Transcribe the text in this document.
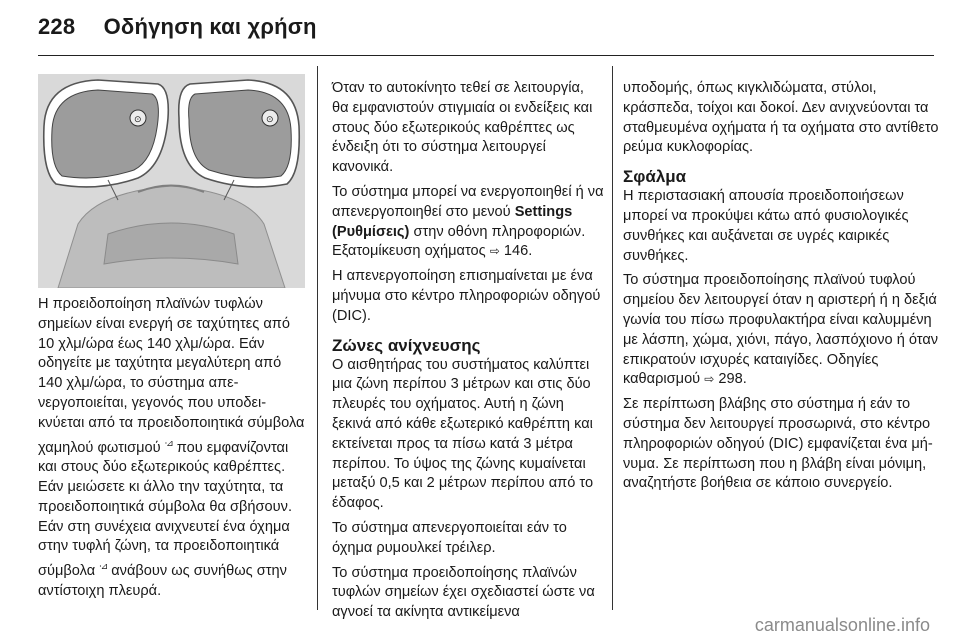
228 Οδήγηση και χρήση
⊙	⊙

Η προειδοποίηση πλαϊνών τυφλών σημείων είναι ενεργή σε ταχύτητες από 10 χλμ/ώρα έως 140 χλμ/ώρα. Εάν οδηγείτε με ταχύτητα μεγαλύτερη από 140 χλμ/ώρα, το σύστημα απενεργοποιείται, γεγονός που υποδεικνύεται από τα προειδοποιητικά σύμβολα χαμηλού φωτισμού ⸱⊿ που εμφανίζονται και στους δύο εξωτερικούς καθρέπτες. Εάν μειώσετε κι άλλο την ταχύτητα, τα προειδοποιητικά σύμβολα θα σβήσουν. Εάν στη συνέχεια ανιχνευτεί ένα όχημα στην τυφλή ζώνη, τα προειδοποιητικά σύμβολα ⸱⊿ ανάβουν ως συνήθως στην αντίστοιχη πλευρά.

Όταν το αυτοκίνητο τεθεί σε λειτουργία, θα εμφανιστούν στιγμιαία οι ενδείξεις και στους δύο εξωτερικούς καθρέπτες ως ένδειξη ότι το σύστημα λειτουργεί κανονικά.

Το σύστημα μπορεί να ενεργοποιηθεί ή να απενεργοποιηθεί στο μενού Settings (Ρυθμίσεις) στην οθόνη πληροφοριών. Εξατομίκευση οχήματος ⇨ 146.

Η απενεργοποίηση επισημαίνεται με ένα μήνυμα στο κέντρο πληροφοριών οδηγού (DIC).

Ζώνες ανίχνευσης

Ο αισθητήρας του συστήματος καλύπτει μια ζώνη περίπου 3 μέτρων και στις δύο πλευρές του οχήματος. Αυτή η ζώνη ξεκινά από κάθε εξωτερικό καθρέπτη και εκτείνεται προς τα πίσω κατά 3 μέτρα περίπου. Το ύψος της ζώνης κυμαίνεται μεταξύ 0,5 και 2 μέτρων περίπου από το έδαφος.

Το σύστημα απενεργοποιείται εάν το όχημα ρυμουλκεί τρέιλερ.

Το σύστημα προειδοποίησης πλαϊνών τυφλών σημείων έχει σχεδιαστεί ώστε να αγνοεί τα ακίνητα αντικείμενα

υποδομής, όπως κιγκλιδώματα, στύλοι, κράσπεδα, τοίχοι και δοκοί. Δεν ανιχνεύονται τα σταθμευμένα οχήματα ή τα οχήματα στο αντίθετο ρεύμα κυκλοφορίας.

Σφάλμα

Η περιστασιακή απουσία προειδοποιήσεων μπορεί να προκύψει κάτω από φυσιολογικές συνθήκες και αυξάνεται σε υγρές καιρικές συνθήκες.

Το σύστημα προειδοποίησης πλαϊνού τυφλού σημείου δεν λειτουργεί όταν η αριστερή ή η δεξιά γωνία του πίσω προφυλακτήρα είναι καλυμμένη με λάσπη, χώμα, χιόνι, πάγο, λασπόχιονο ή όταν επικρατούν ισχυρές καταιγίδες. Οδηγίες καθαρισμού ⇨ 298.

Σε περίπτωση βλάβης στο σύστημα ή εάν το σύστημα δεν λειτουργεί προσωρινά, στο κέντρο πληροφοριών οδηγού (DIC) εμφανίζεται ένα μήνυμα. Σε περίπτωση που η βλάβη είναι μόνιμη, αναζητήστε βοήθεια σε κάποιο συνεργείο.

carmanualsonline.info
